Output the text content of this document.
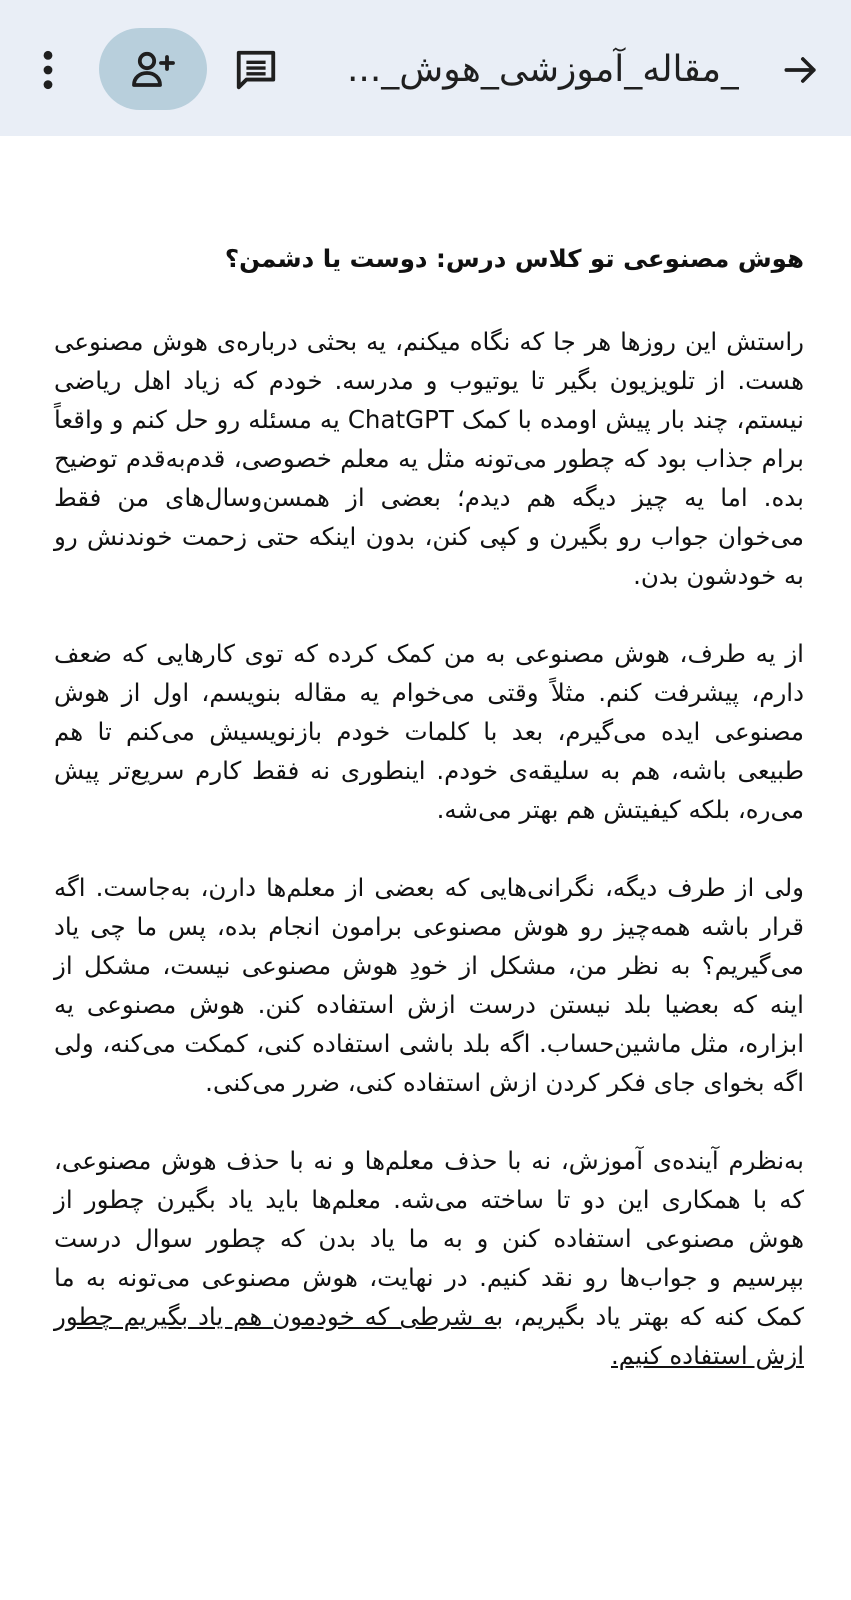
_مقاله_آموزشی_هوش_...
هوش مصنوعی تو کلاس درس: دوست یا دشمن؟

راستش این روزها هر جا که نگاه میکنم، یه بحثی دربارەی هوش مصنوعی هست. از تلویزیون بگیر تا یوتیوب و مدرسه. خودم که زیاد اهل ریاضی نیستم، چند بار پیش اومده با کمک ChatGPT یه مسئله رو حل کنم و واقعاً برام جذاب بود که چطور می‌تونه مثل یه معلم خصوصی، قدم‌به‌قدم توضیح بده. اما یه چیز دیگه هم دیدم؛ بعضی از همسن‌وسال‌های من فقط می‌خوان جواب رو بگیرن و کپی کنن، بدون اینکه حتی زحمت خوندنش رو به خودشون بدن.

از یه طرف، هوش مصنوعی به من کمک کرده که توی کارهایی که ضعف دارم، پیشرفت کنم. مثلاً وقتی می‌خوام یه مقاله بنویسم، اول از هوش مصنوعی ایده می‌گیرم، بعد با کلمات خودم بازنویسیش می‌کنم تا هم طبیعی باشه، هم به سلیقەی خودم. اینطوری نه فقط کارم سریع‌تر پیش می‌ره، بلکه کیفیتش هم بهتر می‌شه.

ولی از طرف دیگه، نگرانی‌هایی که بعضی از معلم‌ها دارن، به‌جاست. اگه قرار باشه همه‌چیز رو هوش مصنوعی برامون انجام بده، پس ما چی یاد می‌گیریم؟ به نظر من، مشکل از خودِ هوش مصنوعی نیست، مشکل از اینه که بعضیا بلد نیستن درست ازش استفاده کنن. هوش مصنوعی یه ابزاره، مثل ماشین‌حساب. اگه بلد باشی استفاده کنی، کمکت می‌کنه، ولی اگه بخوای جای فکر کردن ازش استفاده کنی، ضرر می‌کنی.

به‌نظرم آیندەی آموزش، نه با حذف معلم‌ها و نه با حذف هوش مصنوعی، که با همکاری این دو تا ساخته می‌شه. معلم‌ها باید یاد بگیرن چطور از هوش مصنوعی استفاده کنن و به ما یاد بدن که چطور سوال درست بپرسیم و جواب‌ها رو نقد کنیم. در نهایت، هوش مصنوعی می‌تونه به ما کمک کنه که بهتر یاد بگیریم، به شرطی که خودمون هم یاد بگیریم چطور ازش استفاده کنیم.
